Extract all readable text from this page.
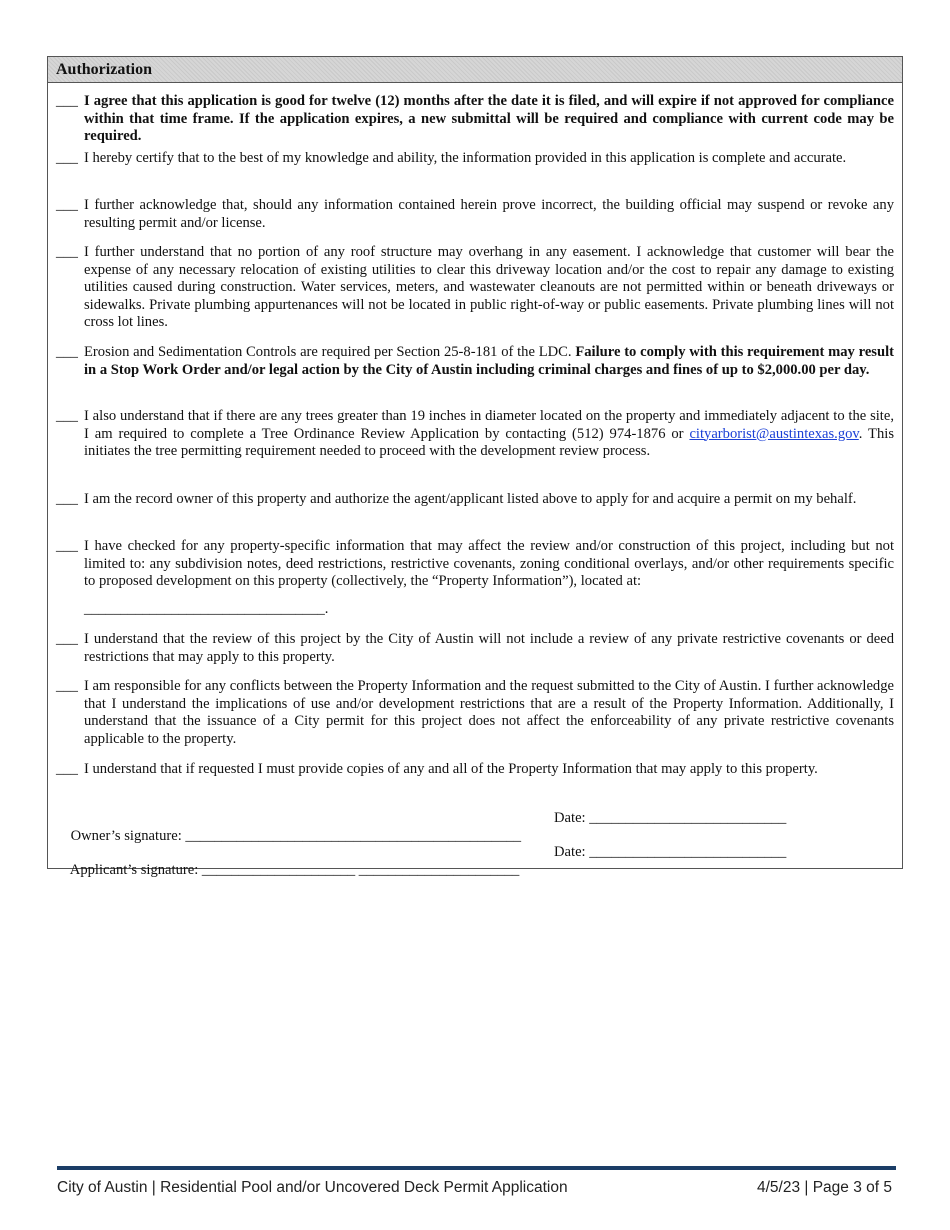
Authorization
___ I agree that this application is good for twelve (12) months after the date it is filed, and will expire if not approved for compliance within that time frame. If the application expires, a new submittal will be required and compliance with current code may be required.
___ I hereby certify that to the best of my knowledge and ability, the information provided in this application is complete and accurate.
___ I further acknowledge that, should any information contained herein prove incorrect, the building official may suspend or revoke any resulting permit and/or license.
___ I further understand that no portion of any roof structure may overhang in any easement. I acknowledge that customer will bear the expense of any necessary relocation of existing utilities to clear this driveway location and/or the cost to repair any damage to existing utilities caused during construction. Water services, meters, and wastewater cleanouts are not permitted within or beneath driveways or sidewalks. Private plumbing appurtenances will not be located in public right-of-way or public easements. Private plumbing lines will not cross lot lines.
___ Erosion and Sedimentation Controls are required per Section 25-8-181 of the LDC. Failure to comply with this requirement may result in a Stop Work Order and/or legal action by the City of Austin including criminal charges and fines of up to $2,000.00 per day.
___ I also understand that if there are any trees greater than 19 inches in diameter located on the property and immediately adjacent to the site, I am required to complete a Tree Ordinance Review Application by contacting (512) 974-1876 or cityarborist@austintexas.gov. This initiates the tree permitting requirement needed to proceed with the development review process.
___ I am the record owner of this property and authorize the agent/applicant listed above to apply for and acquire a permit on my behalf.
___ I have checked for any property-specific information that may affect the review and/or construction of this project, including but not limited to: any subdivision notes, deed restrictions, restrictive covenants, zoning conditional overlays, and/or other requirements specific to proposed development on this property (collectively, the “Property Information”), located at:
_________________________________.
___ I understand that the review of this project by the City of Austin will not include a review of any private restrictive covenants or deed restrictions that may apply to this property.
___ I am responsible for any conflicts between the Property Information and the request submitted to the City of Austin. I further acknowledge that I understand the implications of use and/or development restrictions that are a result of the Property Information. Additionally, I understand that the issuance of a City permit for this project does not affect the enforceability of any private restrictive covenants applicable to the property.
___ I understand that if requested I must provide copies of any and all of the Property Information that may apply to this property.

Owner’s signature: ______________________________________________

Date: ___________________________

Applicant’s signature: _____________________ ______________________

Date: ___________________________

City of Austin | Residential Pool and/or Uncovered Deck Permit Application	4/5/23 | Page 3 of 5
